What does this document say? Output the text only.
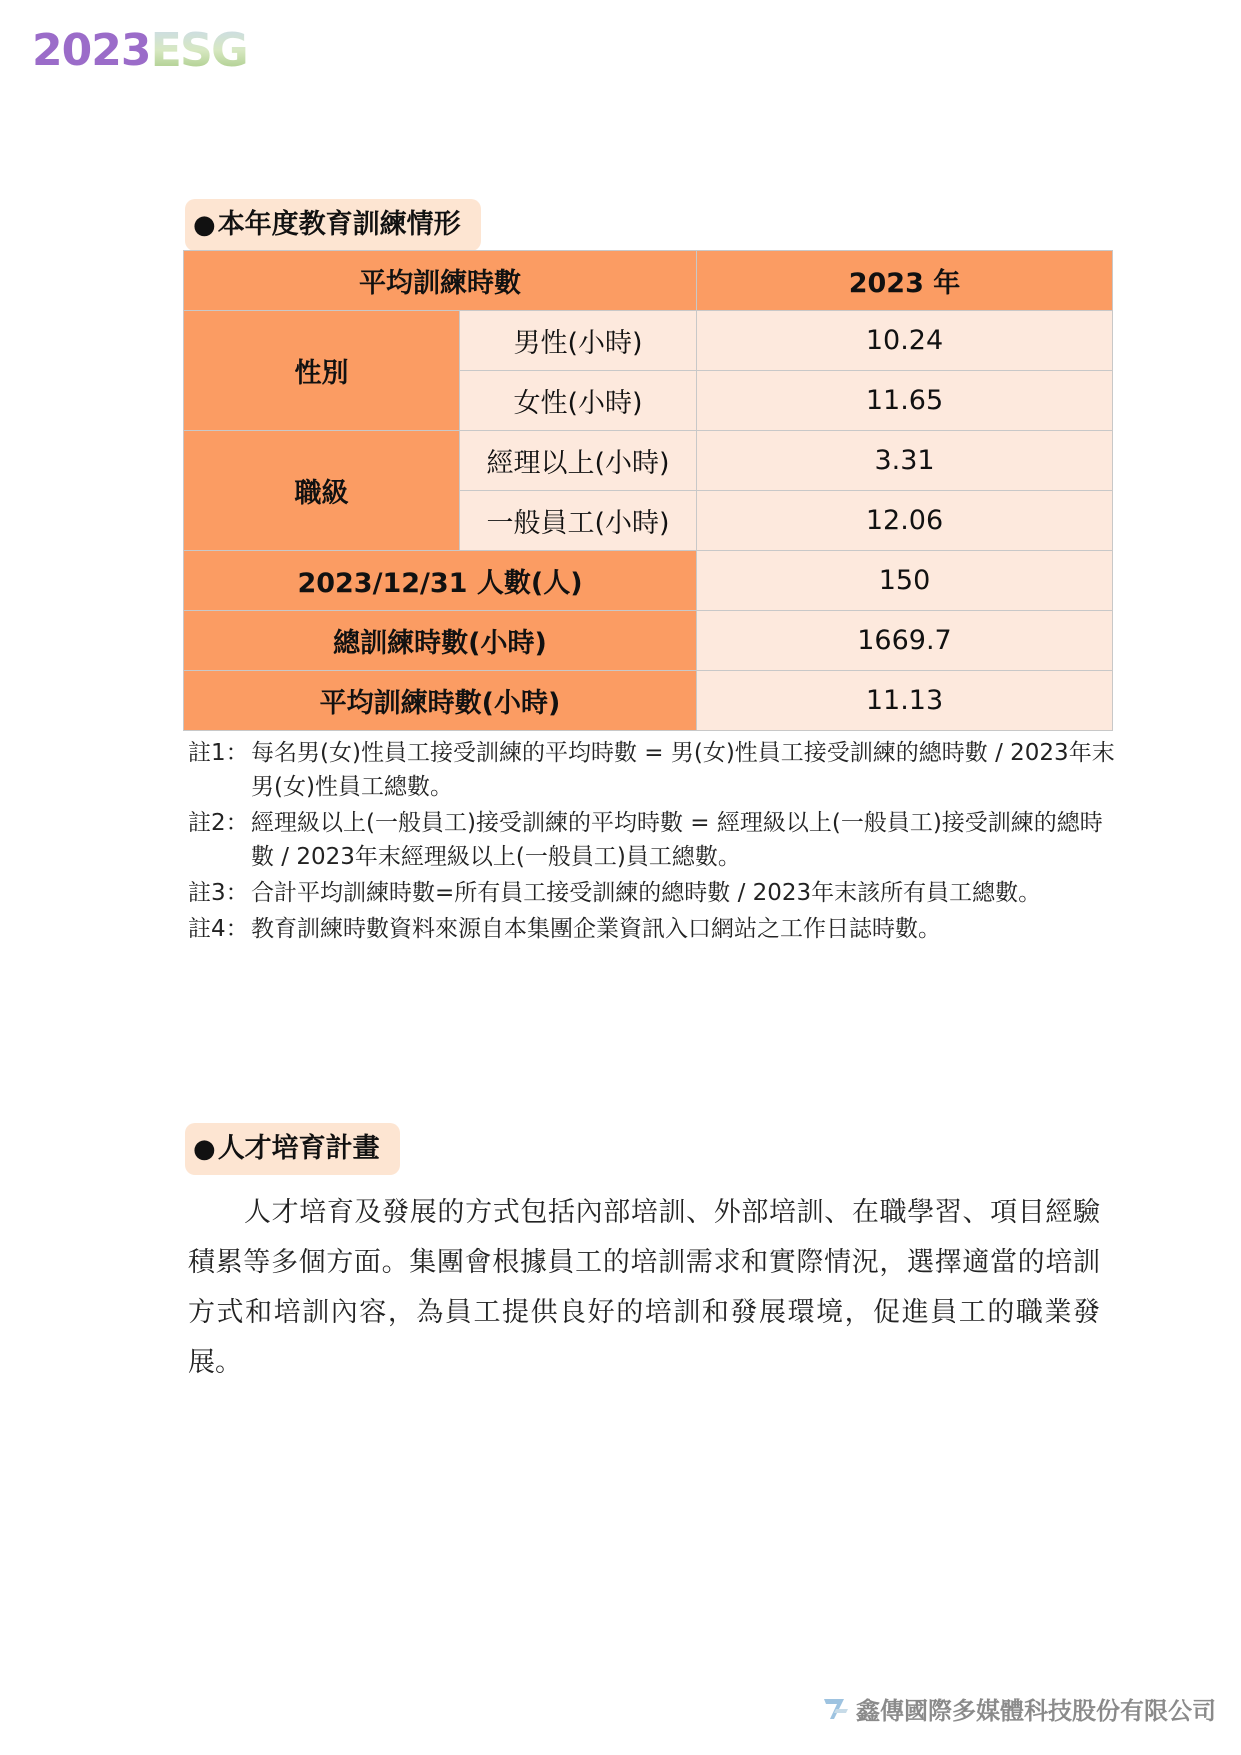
2023 ESG
●本年度教育訓練情形
平均訓練時數		2023 年
性別	男性(小時)	10.24
	女性(小時)	11.65
職級	經理以上(小時)	3.31
	一般員工(小時)	12.06
2023/12/31 人數(人)		150
總訓練時數(小時)		1669.7
平均訓練時數(小時)		11.13
註1： 每名男(女)性員工接受訓練的平均時數 = 男(女)性員工接受訓練的總時數 / 2023年末男(女)性員工總數。
註2： 經理級以上(一般員工)接受訓練的平均時數 = 經理級以上(一般員工)接受訓練的總時數 / 2023年末經理級以上(一般員工)員工總數。
註3： 合計平均訓練時數=所有員工接受訓練的總時數 / 2023年末該所有員工總數。
註4： 教育訓練時數資料來源自本集團企業資訊入口網站之工作日誌時數。
●人才培育計畫
人才培育及發展的方式包括內部培訓、外部培訓、在職學習、項目經驗積累等多個方面。集團會根據員工的培訓需求和實際情況，選擇適當的培訓方式和培訓內容，為員工提供良好的培訓和發展環境，促進員工的職業發展。
鑫傳國際多媒體科技股份有限公司
